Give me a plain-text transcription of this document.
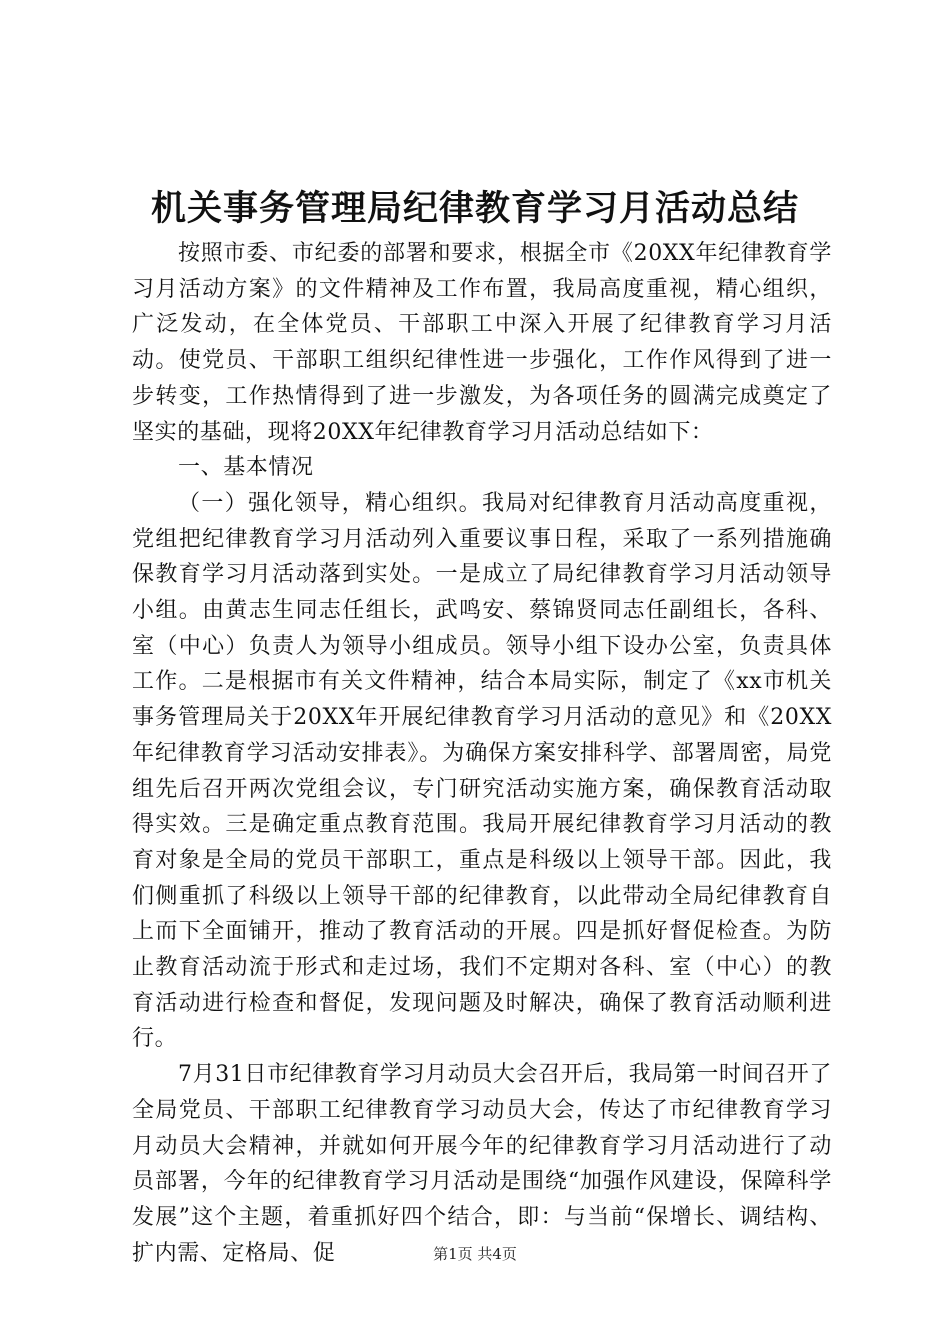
机关事务管理局纪律教育学习月活动总结

按照市委、市纪委的部署和要求，根据全市《20XX年纪律教育学习月活动方案》的文件精神及工作布置，我局高度重视，精心组织，广泛发动，在全体党员、干部职工中深入开展了纪律教育学习月活动。使党员、干部职工组织纪律性进一步强化，工作作风得到了进一步转变，工作热情得到了进一步激发，为各项任务的圆满完成奠定了坚实的基础，现将20XX年纪律教育学习月活动总结如下：

一、基本情况

（一）强化领导，精心组织。我局对纪律教育月活动高度重视，党组把纪律教育学习月活动列入重要议事日程，采取了一系列措施确保教育学习月活动落到实处。一是成立了局纪律教育学习月活动领导小组。由黄志生同志任组长，武鸣安、蔡锦贤同志任副组长，各科、室（中心）负责人为领导小组成员。领导小组下设办公室，负责具体工作。二是根据市有关文件精神，结合本局实际，制定了《xx市机关事务管理局关于20XX年开展纪律教育学习月活动的意见》和《20XX年纪律教育学习活动安排表》。为确保方案安排科学、部署周密，局党组先后召开两次党组会议，专门研究活动实施方案，确保教育活动取得实效。三是确定重点教育范围。我局开展纪律教育学习月活动的教育对象是全局的党员干部职工，重点是科级以上领导干部。因此，我们侧重抓了科级以上领导干部的纪律教育，以此带动全局纪律教育自上而下全面铺开，推动了教育活动的开展。四是抓好督促检查。为防止教育活动流于形式和走过场，我们不定期对各科、室（中心）的教育活动进行检查和督促，发现问题及时解决，确保了教育活动顺利进行。

7月31日市纪律教育学习月动员大会召开后，我局第一时间召开了全局党员、干部职工纪律教育学习动员大会，传达了市纪律教育学习月动员大会精神，并就如何开展今年的纪律教育学习月活动进行了动员部署，今年的纪律教育学习月活动是围绕“加强作风建设，保障科学发展”这个主题，着重抓好四个结合，即：与当前“保增长、调结构、扩内需、定格局、促	第1页 共4页
